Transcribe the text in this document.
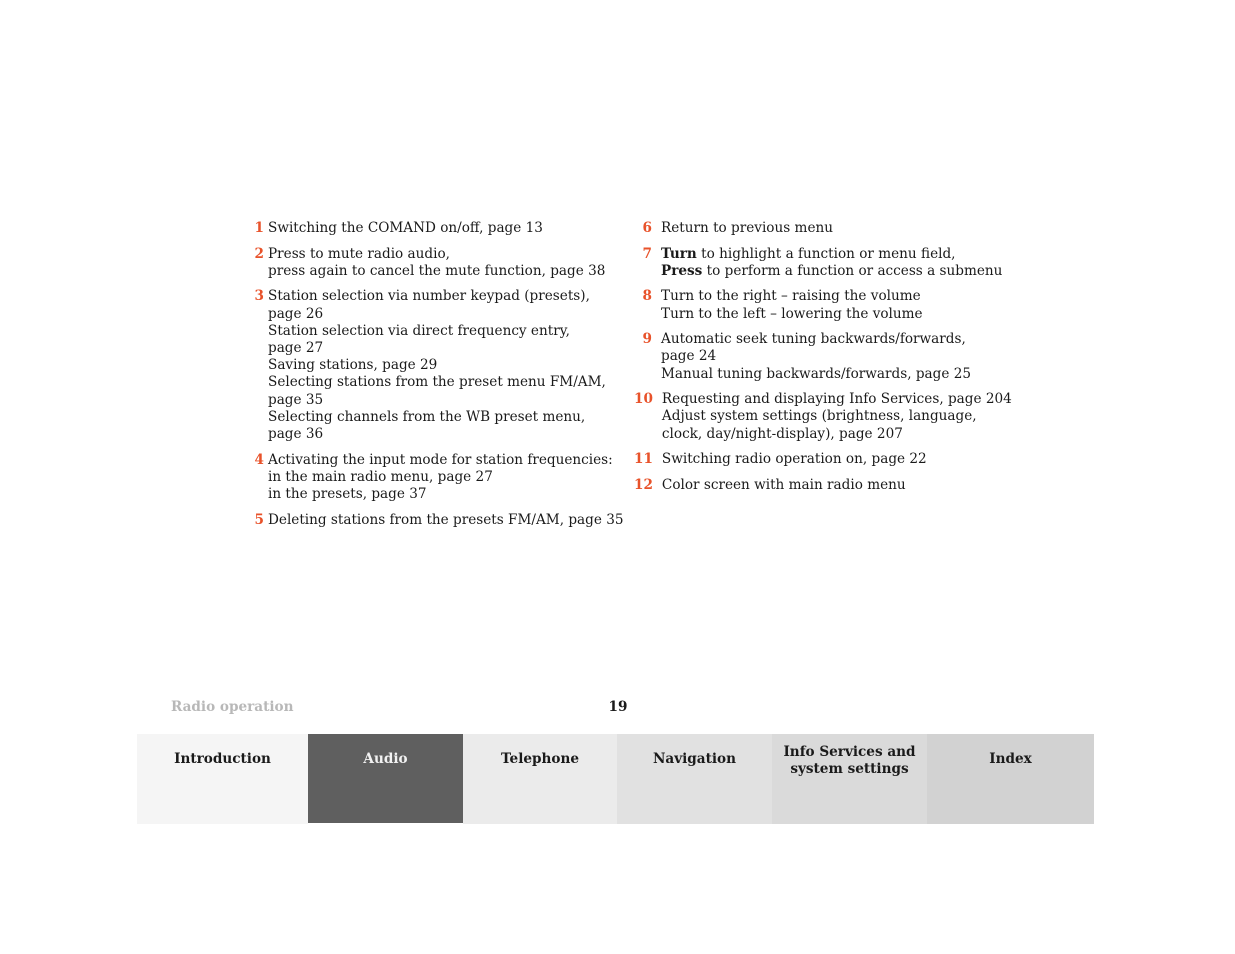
1 Switching the COMAND on/off, page 13
2 Press to mute radio audio,
press again to cancel the mute function, page 38
3 Station selection via number keypad (presets),
page 26
Station selection via direct frequency entry,
page 27
Saving stations, page 29
Selecting stations from the preset menu FM/AM,
page 35
Selecting channels from the WB preset menu,
page 36
4 Activating the input mode for station frequencies:
in the main radio menu, page 27
in the presets, page 37
5 Deleting stations from the presets FM/AM, page 35
6 Return to previous menu
7 Turn to highlight a function or menu field,
Press to perform a function or access a submenu
8 Turn to the right – raising the volume
Turn to the left – lowering the volume
9 Automatic seek tuning backwards/forwards,
page 24
Manual tuning backwards/forwards, page 25
10 Requesting and displaying Info Services, page 204
Adjust system settings (brightness, language,
clock, day/night-display), page 207
11 Switching radio operation on, page 22
12 Color screen with main radio menu
Radio operation	19
Introduction	Audio	Telephone	Navigation	Info Services and
system settings
Index
